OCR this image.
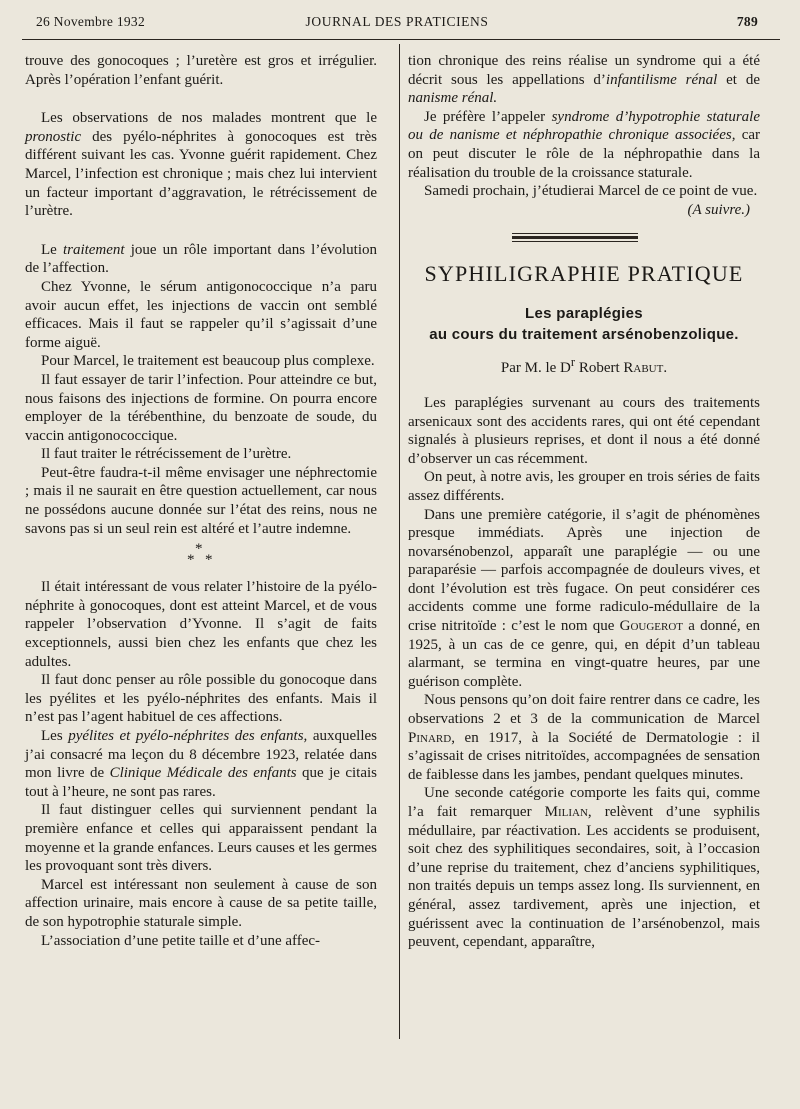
26 Novembre 1932	JOURNAL DES PRATICIENS	789

trouve des gonocoques ; l’uretère est gros et irrégulier. Après l’opération l’enfant guérit.

Les observations de nos malades montrent que le pronostic des pyélo-néphrites à gonocoques est très différent suivant les cas. Yvonne guérit rapidement. Chez Marcel, l’infection est chronique ; mais chez lui intervient un facteur important d’aggravation, le rétrécissement de l’urètre.

Le traitement joue un rôle important dans l’évolution de l’affection.

Chez Yvonne, le sérum antigonococcique n’a paru avoir aucun effet, les injections de vaccin ont semblé efficaces. Mais il faut se rappeler qu’il s’agissait d’une forme aiguë.

Pour Marcel, le traitement est beaucoup plus complexe.

Il faut essayer de tarir l’infection. Pour atteindre ce but, nous faisons des injections de formine. On pourra encore employer de la térébenthine, du benzoate de soude, du vaccin antigonococcique.

Il faut traiter le rétrécissement de l’urètre.

Peut-être faudra-t-il même envisager une néphrectomie ; mais il ne saurait en être question actuellement, car nous ne possédons aucune donnée sur l’état des reins, nous ne savons pas si un seul rein est altéré et l’autre indemne.

*
* *

Il était intéressant de vous relater l’histoire de la pyélo-néphrite à gonocoques, dont est atteint Marcel, et de vous rappeler l’observation d’Yvonne. Il s’agit de faits exceptionnels, aussi bien chez les enfants que chez les adultes.

Il faut donc penser au rôle possible du gonocoque dans les pyélites et les pyélo-néphrites des enfants. Mais il n’est pas l’agent habituel de ces affections.

Les pyélites et pyélo-néphrites des enfants, auxquelles j’ai consacré ma leçon du 8 décembre 1923, relatée dans mon livre de Clinique Médicale des enfants que je citais tout à l’heure, ne sont pas rares.

Il faut distinguer celles qui surviennent pendant la première enfance et celles qui apparaissent pendant la moyenne et la grande enfances. Leurs causes et les germes les provoquant sont très divers.

Marcel est intéressant non seulement à cause de son affection urinaire, mais encore à cause de sa petite taille, de son hypotrophie staturale simple.

L’association d’une petite taille et d’une affec-

tion chronique des reins réalise un syndrome qui a été décrit sous les appellations d’infantilisme rénal et de nanisme rénal.

Je préfère l’appeler syndrome d’hypotrophie staturale ou de nanisme et néphropathie chronique associées, car on peut discuter le rôle de la néphropathie dans la réalisation du trouble de la croissance staturale.

Samedi prochain, j’étudierai Marcel de ce point de vue.

(A suivre.)

SYPHILIGRAPHIE PRATIQUE
Les paraplégies
au cours du traitement arsénobenzolique.
Par M. le $D^r$ Robert Rabut.

Les paraplégies survenant au cours des traitements arsenicaux sont des accidents rares, qui ont été cependant signalés à plusieurs reprises, et dont il nous a été donné d’observer un cas récemment.

On peut, à notre avis, les grouper en trois séries de faits assez différents.

Dans une première catégorie, il s’agit de phénomènes presque immédiats. Après une injection de novarsénobenzol, apparaît une paraplégie — ou une paraparésie — parfois accompagnée de douleurs vives, et dont l’évolution est très fugace. On peut considérer ces accidents comme une forme radiculo-médullaire de la crise nitritoïde : c’est le nom que Gougerot a donné, en 1925, à un cas de ce genre, qui, en dépit d’un tableau alarmant, se termina en vingt-quatre heures, par une guérison complète.

Nous pensons qu’on doit faire rentrer dans ce cadre, les observations 2 et 3 de la communication de Marcel Pinard, en 1917, à la Société de Dermatologie : il s’agissait de crises nitritoïdes, accompagnées de sensation de faiblesse dans les jambes, pendant quelques minutes.

Une seconde catégorie comporte les faits qui, comme l’a fait remarquer Milian, relèvent d’une syphilis médullaire, par réactivation. Les accidents se produisent, soit chez des syphilitiques secondaires, soit, à l’occasion d’une reprise du traitement, chez d’anciens syphilitiques, non traités depuis un temps assez long. Ils surviennent, en général, assez tardivement, après une injection, et guérissent avec la continuation de l’arsénobenzol, mais peuvent, cependant, apparaître,
